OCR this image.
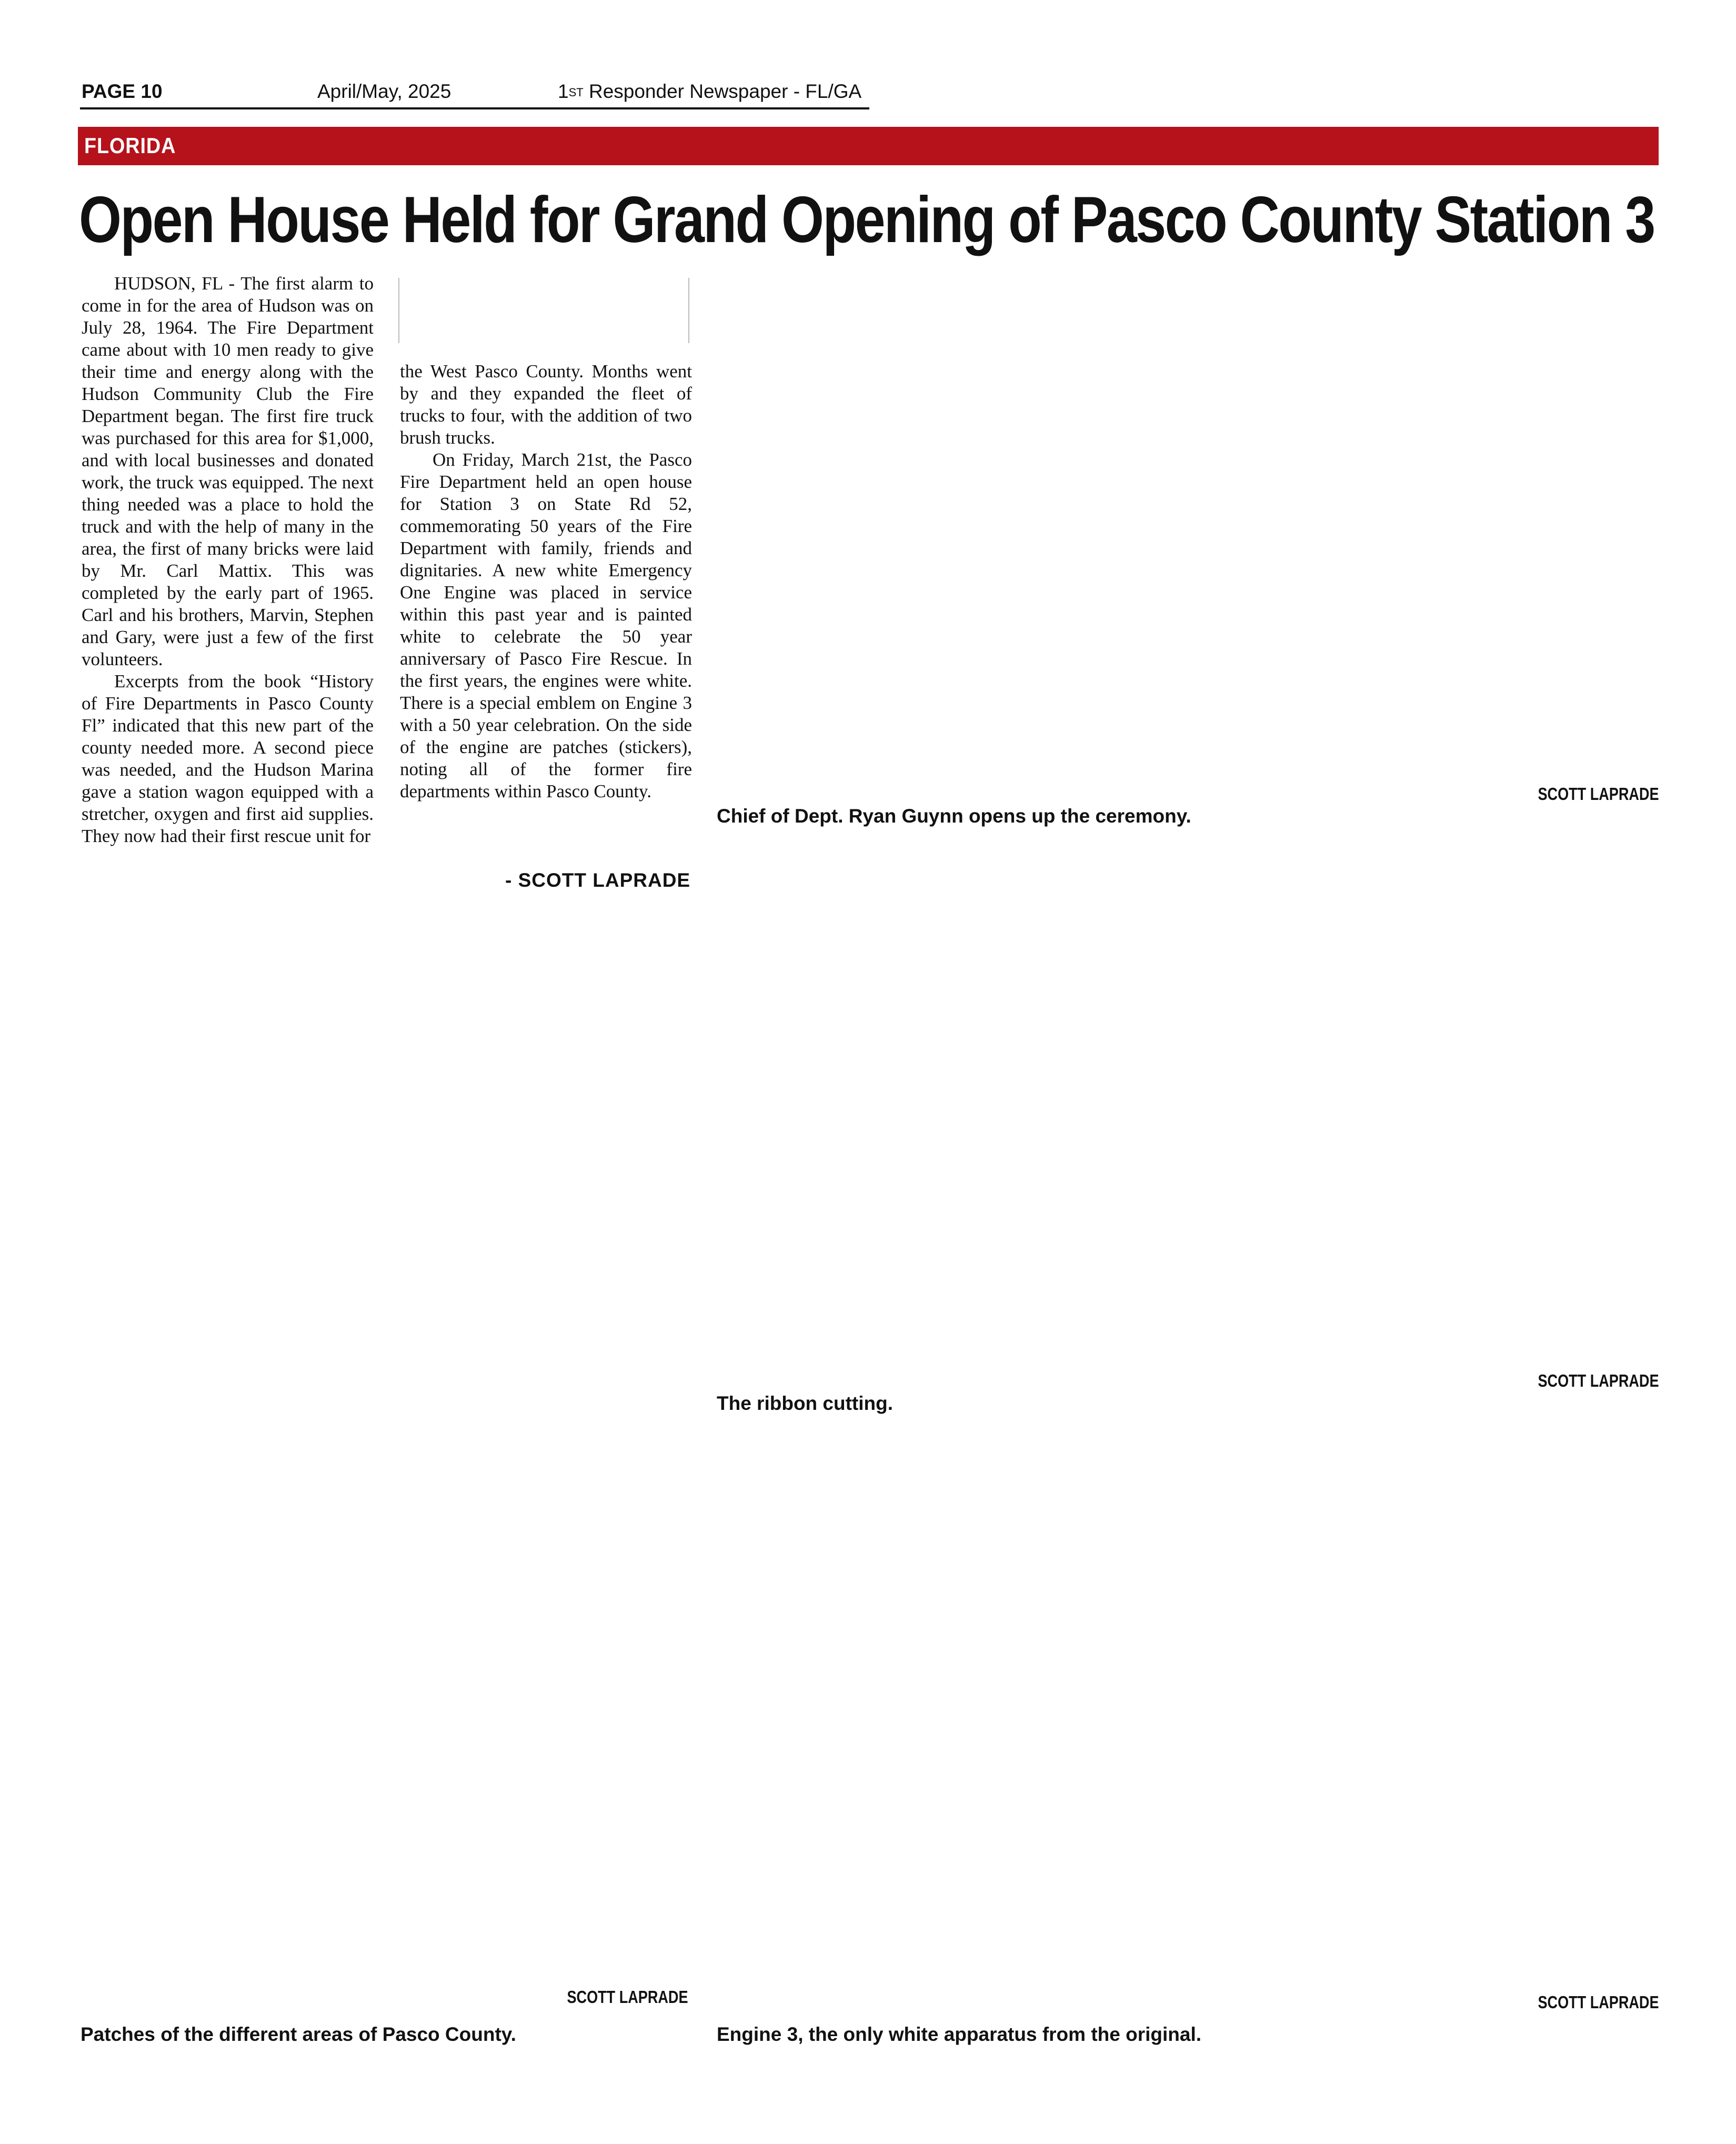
PAGE 10	April/May, 2025	1ST Responder Newspaper - FL/GA
FLORIDA
Open House Held for Grand Opening of Pasco County Station 3

HUDSON, FL - The first alarm to come in for the area of Hudson was on July 28, 1964. The Fire Department came about with 10 men ready to give their time and energy along with the Hudson Community Club the Fire Department began. The first fire truck was purchased for this area for $1,000, and with local businesses and donated work, the truck was equipped. The next thing needed was a place to hold the truck and with the help of many in the area, the first of many bricks were laid by Mr. Carl Mattix. This was completed by the early part of 1965. Carl and his brothers, Marvin, Stephen and Gary, were just a few of the first volunteers.

Excerpts from the book “History of Fire Departments in Pasco County Fl” indicated that this new part of the county needed more. A second piece was needed, and the Hudson Marina gave a station wagon equipped with a stretcher, oxygen and first aid supplies. They now had their first rescue unit for

the West Pasco County. Months went by and they expanded the fleet of trucks to four, with the addition of two brush trucks.

On Friday, March 21st, the Pasco Fire Department held an open house for Station 3 on State Rd 52, commemorating 50 years of the Fire Department with family, friends and dignitaries. A new white Emergency One Engine was placed in service within this past year and is painted white to celebrate the 50 year anniversary of Pasco Fire Rescue. In the first years, the engines were white. There is a special emblem on Engine 3 with a 50 year celebration. On the side of the engine are patches (stickers), noting all of the former fire departments within Pasco County.

- SCOTT LAPRADE
SCOTT LAPRADE
Chief of Dept. Ryan Guynn opens up the ceremony.
SCOTT LAPRADE
The ribbon cutting.
SCOTT LAPRADE
Patches of the different areas of Pasco County.
SCOTT LAPRADE
Engine 3, the only white apparatus from the original.
